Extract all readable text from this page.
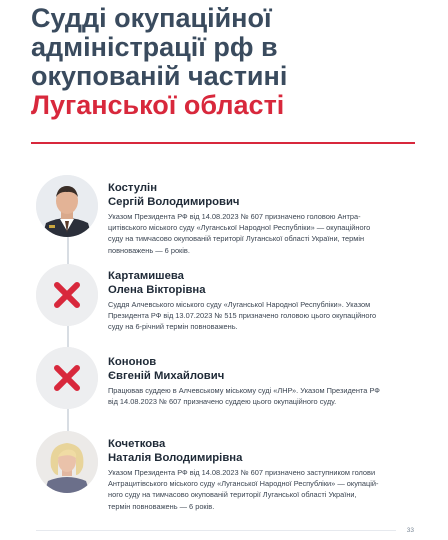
Судді окупаційної
адміністрації рф в
окупованій частині
Луганської області
Костулін
Сергій Володимирович
Указом Президента РФ від 14.08.2023 № 607 призначено головою Антра-
цитівського міського суду «Луганської Народної Республіки» — окупаційного
суду на тимчасово окупованій території Луганської області України, термін
повноважень — 6 років.
Картамишева
Олена Вікторівна
Суддя Алчевського міського суду «Луганської Народної Республіки». Указом
Президента РФ від 13.07.2023 № 515 призначено головою цього окупаційного
суду на 6-річний термін повноважень.
Кононов
Євгеній Михайлович
Працював суддею в Алчевському міському суді «ЛНР». Указом Президента РФ
від 14.08.2023 № 607 призначено суддею цього окупаційного суду.
Кочеткова
Наталія Володимирівна
Указом Президента РФ від 14.08.2023 № 607 призначено заступником голови
Антрацитівського міського суду «Луганської Народної Республіки» — окупацій-
ного суду на тимчасово окупованій території Луганської області України,
термін повноважень — 6 років.
33
